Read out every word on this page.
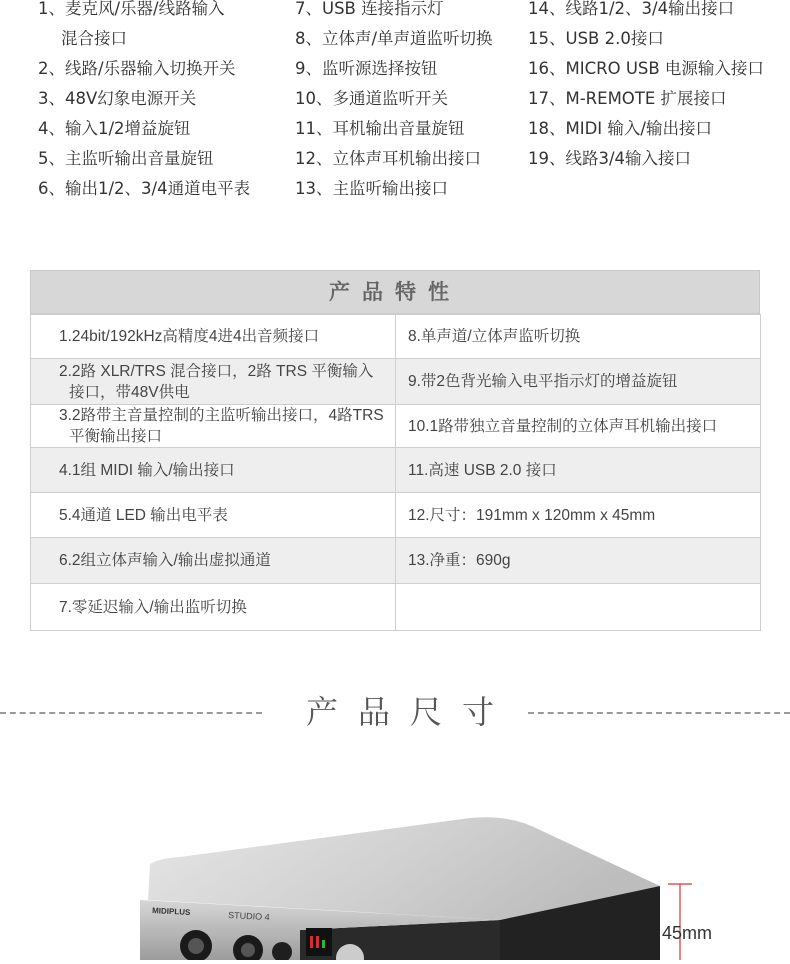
1、麦克风/乐器/线路输入
混合接口
2、线路/乐器输入切换开关
3、48V幻象电源开关
4、输入1/2增益旋钮
5、主监听输出音量旋钮
6、输出1/2、3/4通道电平表
7、USB 连接指示灯
8、立体声/单声道监听切换
9、监听源选择按钮
10、多通道监听开关
11、耳机输出音量旋钮
12、立体声耳机输出接口
13、主监听输出接口
14、线路1/2、3/4输出接口
15、USB 2.0接口
16、MICRO USB 电源输入接口
17、M-REMOTE 扩展接口
18、MIDI 输入/输出接口
19、线路3/4输入接口
产品特性
1.24bit/192kHz高精度4进4出音频接口	8.单声道/立体声监听切换
2.2路 XLR/TRS 混合接口，2路 TRS 平衡输入接口，带48V供电	9.带2色背光输入电平指示灯的增益旋钮
3.2路带主音量控制的主监听输出接口，4路TRS 平衡输出接口	10.1路带独立音量控制的立体声耳机输出接口
4.1组 MIDI 输入/输出接口	11.高速 USB 2.0 接口
5.4通道 LED 输出电平表	12.尺寸：191mm x 120mm x 45mm
6.2组立体声输入/输出虚拟通道	13.净重：690g
7.零延迟输入/输出监听切换	
产品尺寸
MIDIPLUS	STUDIO 4
45mm
